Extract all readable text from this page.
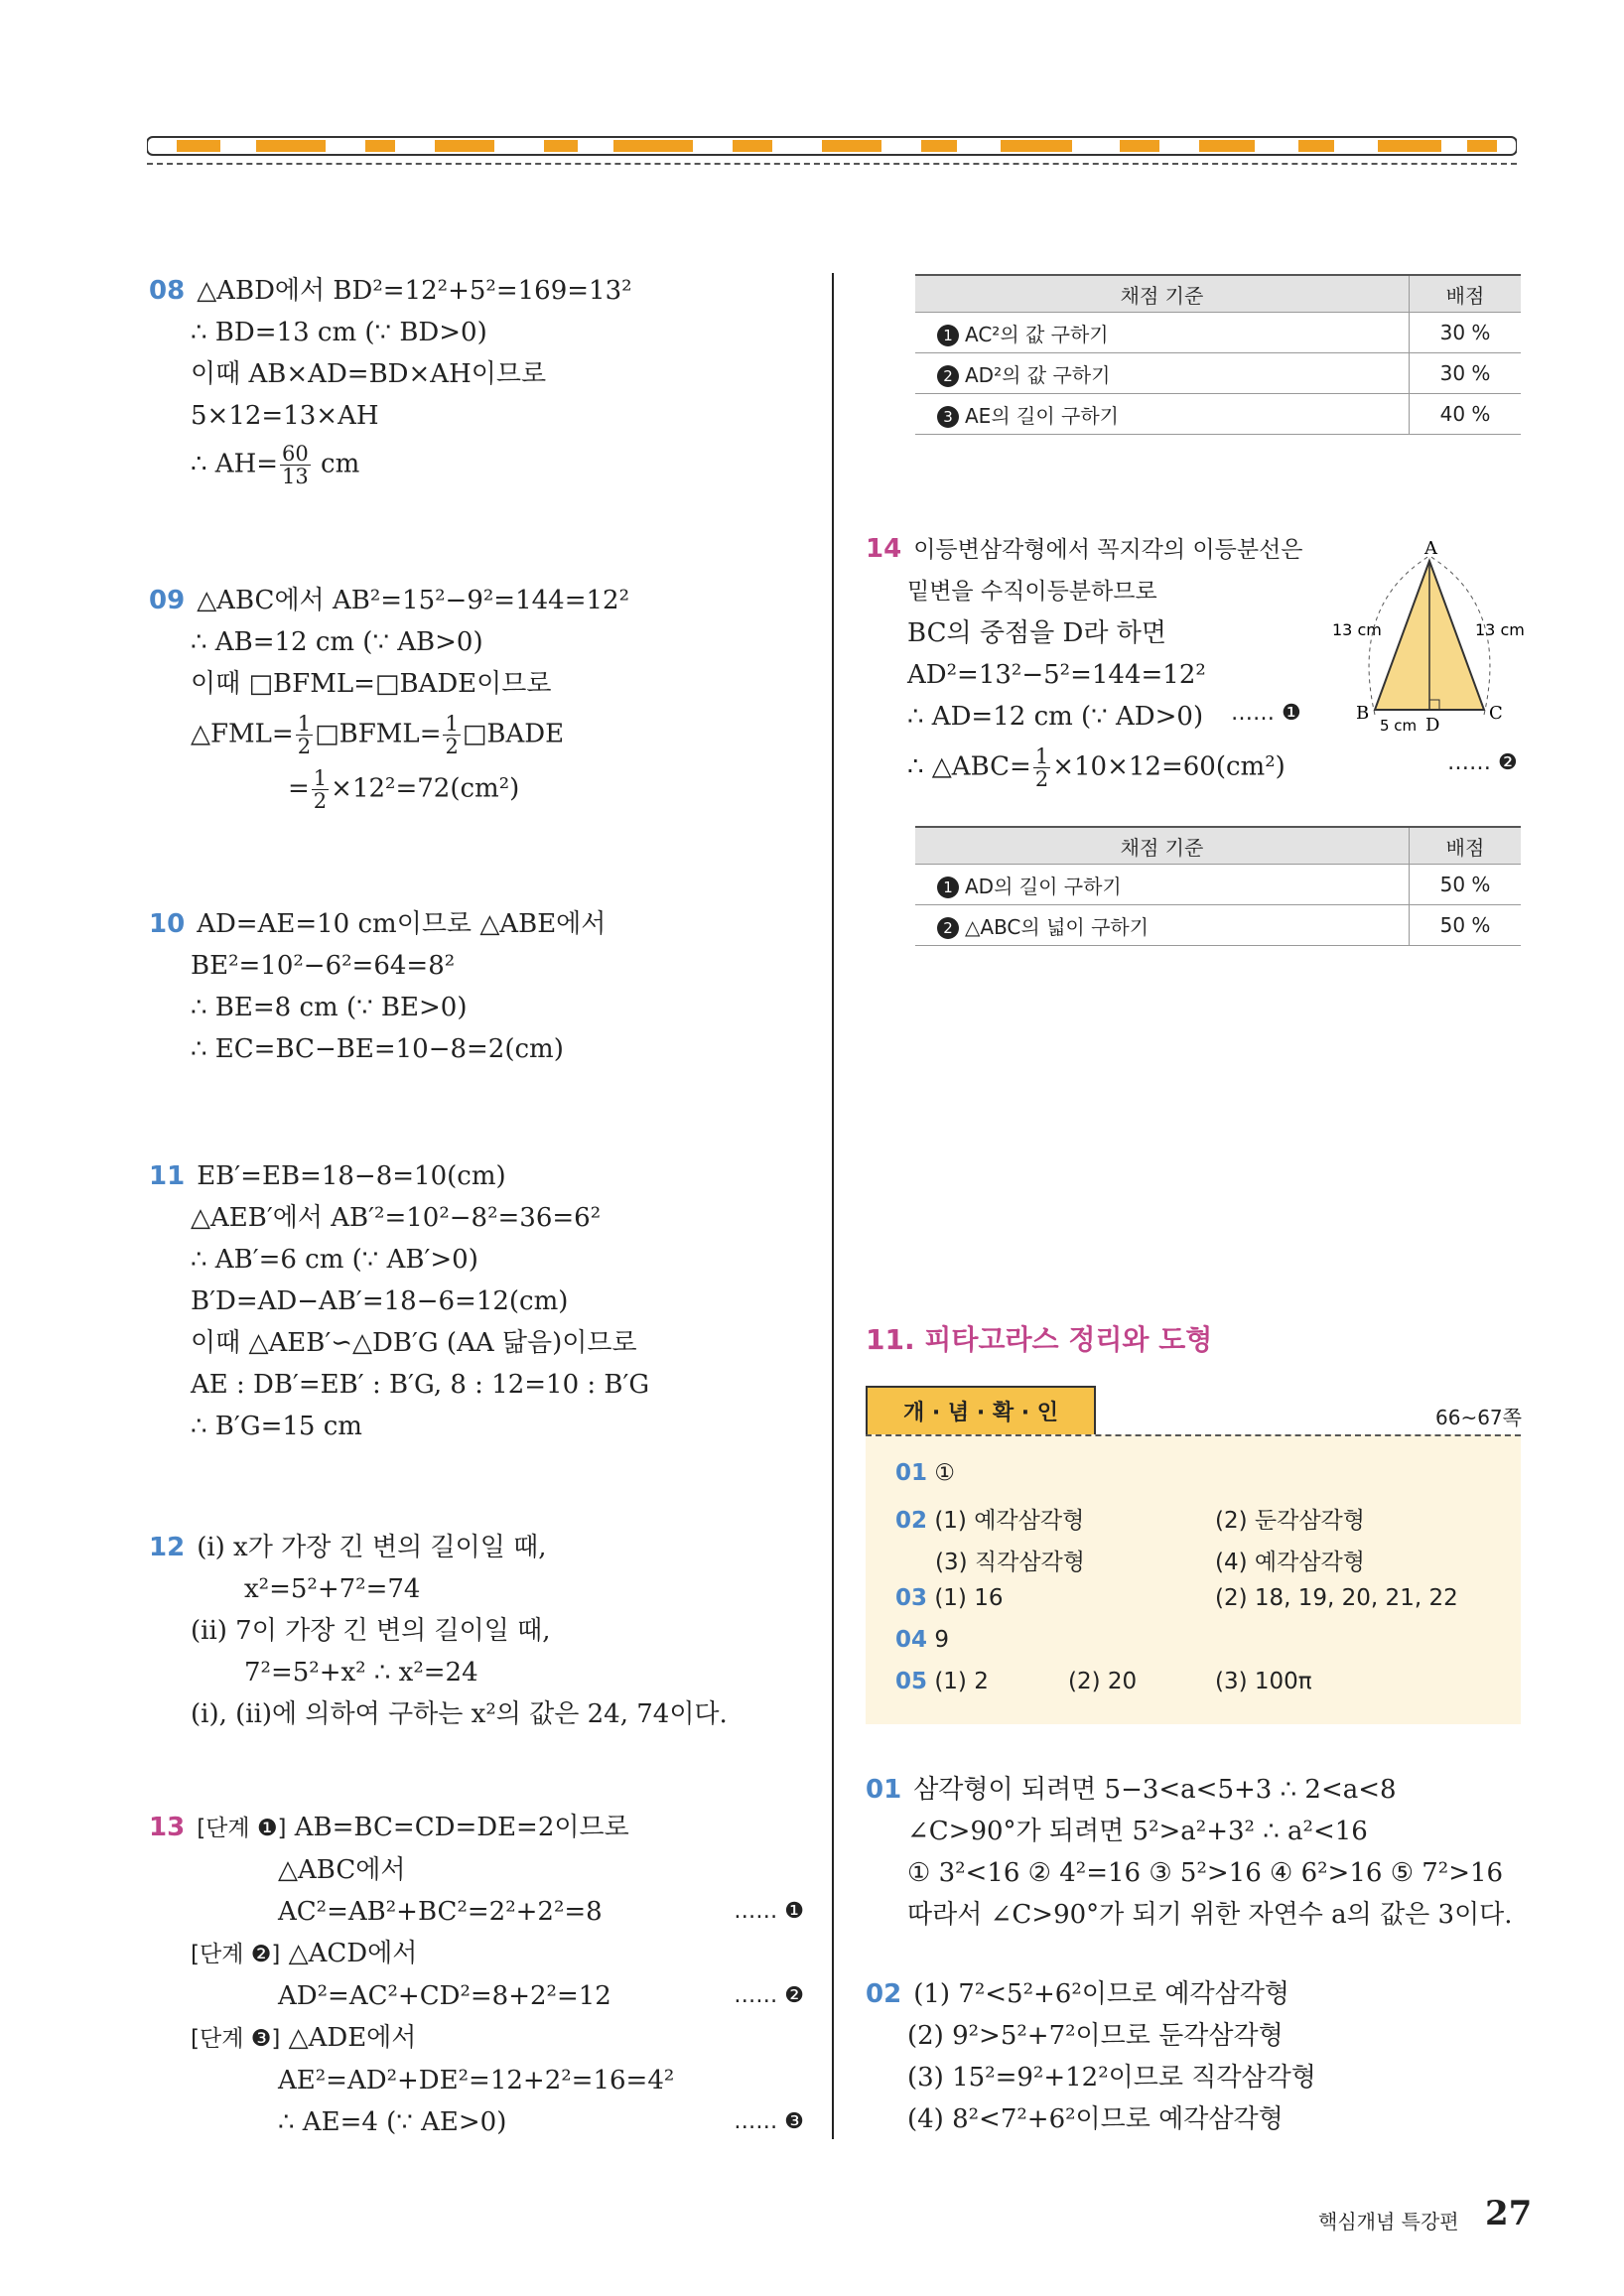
08 △ABD에서 BD²=12²+5²=169=13²
∴ BD=13 cm (∵ BD>0)
이때 AB×AD=BD×AH이므로
5×12=13×AH
∴ $AH= \frac{60}{13}$ cm
09 △ABC에서 AB²=15²−9²=144=12²
∴ AB=12 cm (∵ AB>0)
이때 □BFML=□BADE이므로
△FML= $\frac{1}{2}$ □BFML= $\frac{1}{2}$ □BADE
= $\frac{1}{2} \times 12^2=72(cm^2)$
10 AD=AE=10 cm이므로 △ABE에서
BE²=10²−6²=64=8²
∴ BE=8 cm (∵ BE>0)
∴ EC=BC−BE=10−8=2(cm)
11 EB′=EB=18−8=10(cm)
△AEB′에서 AB′²=10²−8²=36=6²
∴ AB′=6 cm (∵ AB′>0)
B′D=AD−AB′=18−6=12(cm)
이때 △AEB′∽△DB′G (AA 닮음)이므로
AE : DB′=EB′ : B′G, 8 : 12=10 : B′G
∴ B′G=15 cm
12 (i) x가 가장 긴 변의 길이일 때,
x²=5²+7²=74
(ii) 7이 가장 긴 변의 길이일 때,
7²=5²+x² ∴ x²=24
(i), (ii)에 의하여 구하는 x²의 값은 24, 74이다.
13 [단계 ❶] AB=BC=CD=DE=2이므로
△ABC에서
AC²=AB²+BC²=2²+2²=8	…… ❶
[단계 ❷] △ACD에서
AD²=AC²+CD²=8+2²=12	…… ❷
[단계 ❸] △ADE에서
AE²=AD²+DE²=12+2²=16=4²
∴ AE=4 (∵ AE>0)	…… ❸
채점 기준	배점
1 AC²의 값 구하기	30 %
2 AD²의 값 구하기	30 %
3 AE의 길이 구하기	40 %
14 이등변삼각형에서 꼭지각의 이등분선은
밑변을 수직이등분하므로
BC의 중점을 D라 하면
AD²=13²−5²=144=12²
∴ AD=12 cm (∵ AD>0)
∴ △ABC= $\frac{1}{2} \times 10\times 12=60(cm^2)$
…… ❶
…… ❷
A
B	C
D
13 cm	13 cm
5 cm
채점 기준	배점
1 AD의 길이 구하기	50 %
2 △ABC의 넓이 구하기	50 %
11. 피타고라스 정리와 도형
개 · 념 · 확 · 인	66~67쪽
01 ①
02 (1) 예각삼각형	(2) 둔각삼각형
(3) 직각삼각형	(4) 예각삼각형
03 (1) 16	(2) 18, 19, 20, 21, 22
04 9
05 (1) 2	(2) 20	(3) 100π
01 삼각형이 되려면 5−3<a<5+3 ∴ 2<a<8
∠C>90°가 되려면 5²>a²+3² ∴ a²<16
① 3²<16 ② 4²=16 ③ 5²>16 ④ 6²>16 ⑤ 7²>16
따라서 ∠C>90°가 되기 위한 자연수 a의 값은 3이다.
02 (1) 7²<5²+6²이므로 예각삼각형
(2) 9²>5²+7²이므로 둔각삼각형
(3) 15²=9²+12²이므로 직각삼각형
(4) 8²<7²+6²이므로 예각삼각형
핵심개념 특강편 27
